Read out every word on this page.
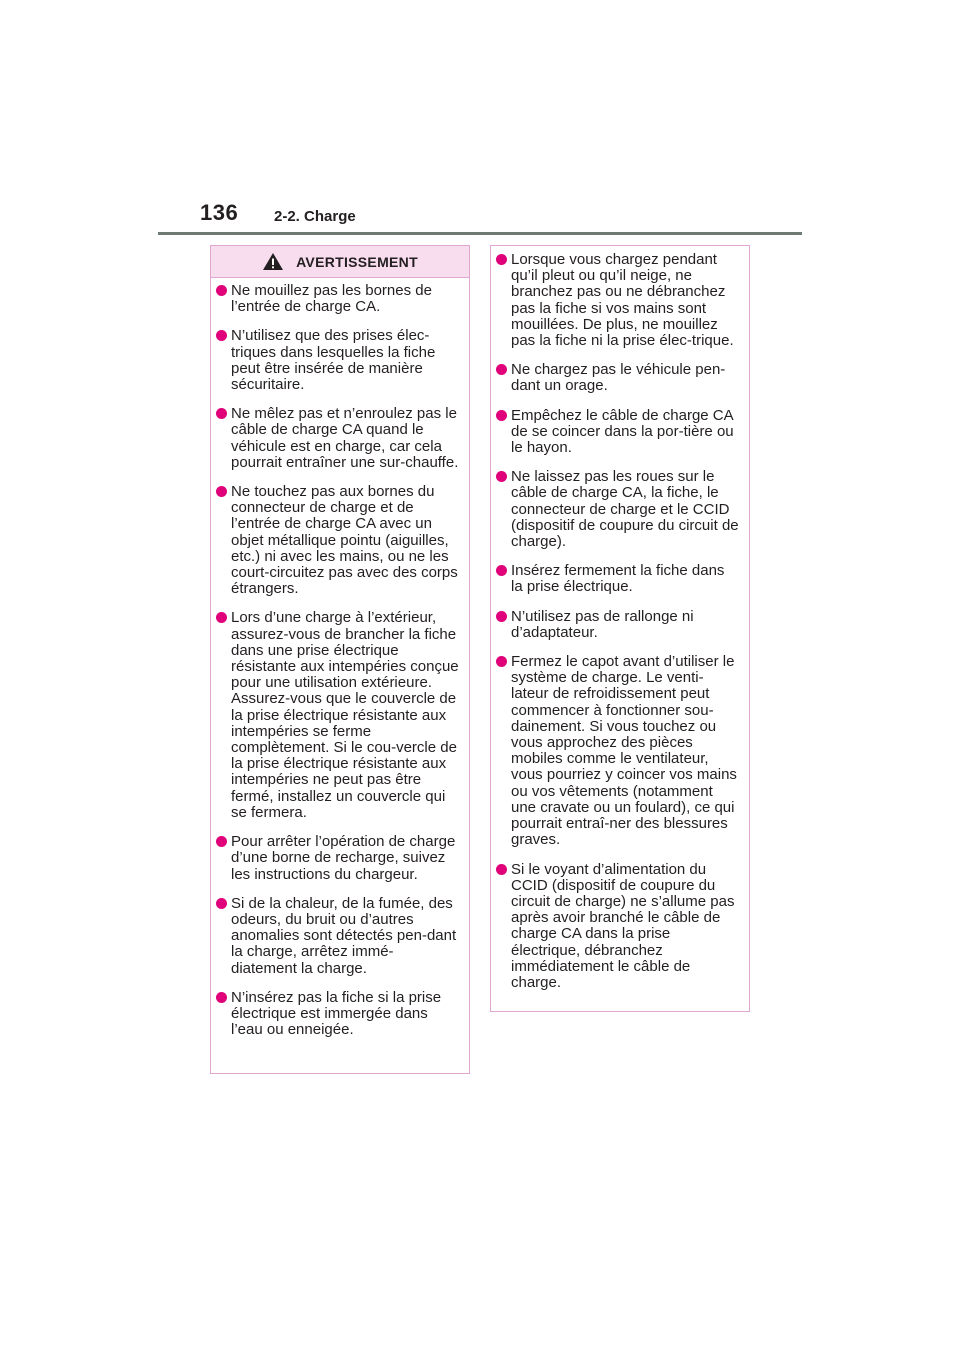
136 2-2. Charge
AVERTISSEMENT
Ne mouillez pas les bornes de l’entrée de charge CA.
N’utilisez que des prises élec-triques dans lesquelles la fiche peut être insérée de manière sécuritaire.
Ne mêlez pas et n’enroulez pas le câble de charge CA quand le véhicule est en charge, car cela pourrait entraîner une sur-chauffe.
Ne touchez pas aux bornes du connecteur de charge et de l’entrée de charge CA avec un objet métallique pointu (aiguilles, etc.) ni avec les mains, ou ne les court-circuitez pas avec des corps étrangers.
Lors d’une charge à l’extérieur, assurez-vous de brancher la fiche dans une prise électrique résistante aux intempéries conçue pour une utilisation extérieure. Assurez-vous que le couvercle de la prise électrique résistante aux intempéries se ferme complètement. Si le cou-vercle de la prise électrique résistante aux intempéries ne peut pas être fermé, installez un couvercle qui se fermera.
Pour arrêter l’opération de charge d’une borne de recharge, suivez les instructions du chargeur.
Si de la chaleur, de la fumée, des odeurs, du bruit ou d’autres anomalies sont détectés pen-dant la charge, arrêtez immé-diatement la charge.
N’insérez pas la fiche si la prise électrique est immergée dans l’eau ou enneigée.
Lorsque vous chargez pendant qu’il pleut ou qu’il neige, ne branchez pas ou ne débranchez pas la fiche si vos mains sont mouillées. De plus, ne mouillez pas la fiche ni la prise élec-trique.
Ne chargez pas le véhicule pen-dant un orage.
Empêchez le câble de charge CA de se coincer dans la por-tière ou le hayon.
Ne laissez pas les roues sur le câble de charge CA, la fiche, le connecteur de charge et le CCID (dispositif de coupure du circuit de charge).
Insérez fermement la fiche dans la prise électrique.
N’utilisez pas de rallonge ni d’adaptateur.
Fermez le capot avant d’utiliser le système de charge. Le venti-lateur de refroidissement peut commencer à fonctionner sou-dainement. Si vous touchez ou vous approchez des pièces mobiles comme le ventilateur, vous pourriez y coincer vos mains ou vos vêtements (notamment une cravate ou un foulard), ce qui pourrait entraî-ner des blessures graves.
Si le voyant d’alimentation du CCID (dispositif de coupure du circuit de charge) ne s’allume pas après avoir branché le câble de charge CA dans la prise électrique, débranchez immédiatement le câble de charge.
